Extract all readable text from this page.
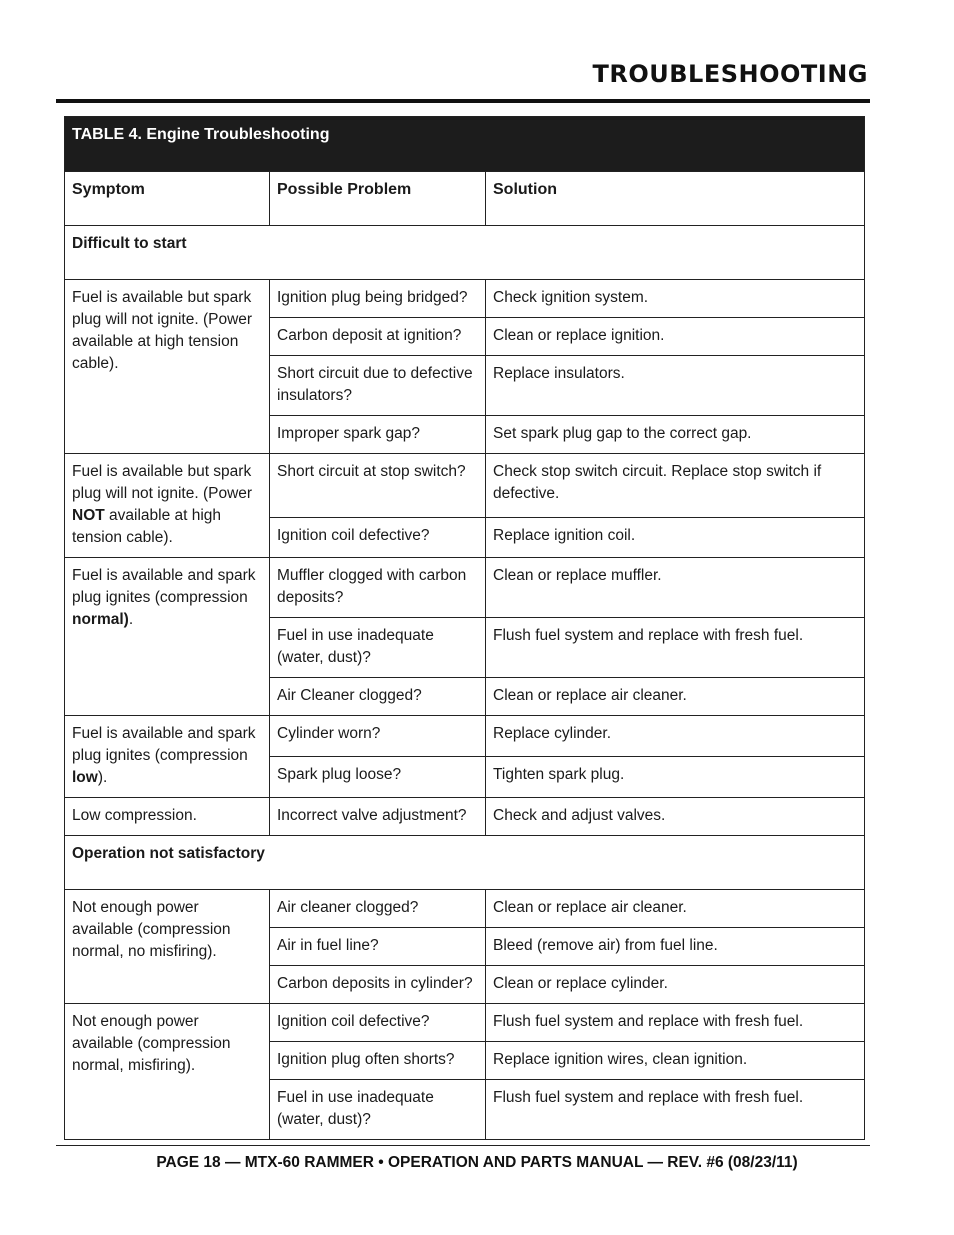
TROUBLESHOOTING
TABLE 4. Engine Troubleshooting		
Symptom	Possible Problem	Solution
Difficult to start		
Fuel is available but spark plug will not ignite. (Power available at high tension cable).	Ignition plug being bridged?	Check ignition system.
	Carbon deposit at ignition?	Clean or replace ignition.
	Short circuit due to defective insulators?	Replace insulators.
	Improper spark gap?	Set spark plug gap to the correct gap.
Fuel is available but spark plug will not ignite. (Power NOT available at high tension cable).	Short circuit at stop switch?	Check stop switch circuit. Replace stop switch if defective.
	Ignition coil defective?	Replace ignition coil.
Fuel is available and spark plug ignites (compression normal).	Muffler clogged with carbon deposits?	Clean or replace muffler.
	Fuel in use inadequate (water, dust)?	Flush fuel system and replace with fresh fuel.
	Air Cleaner clogged?	Clean or replace air cleaner.
Fuel is available and spark plug ignites (compression low).	Cylinder worn?	Replace cylinder.
	Spark plug loose?	Tighten spark plug.
Low compression.	Incorrect valve adjustment?	Check and adjust valves.
Operation not satisfactory		
Not enough power available (compression normal, no misfiring).	Air cleaner clogged?	Clean or replace air cleaner.
	Air in fuel line?	Bleed (remove air) from fuel line.
	Carbon deposits in cylinder?	Clean or replace cylinder.
Not enough power available (compression normal, misfiring).	Ignition coil defective?	Flush fuel system and replace with fresh fuel.
	Ignition plug often shorts?	Replace ignition wires, clean ignition.
	Fuel in use inadequate (water, dust)?	Flush fuel system and replace with fresh fuel.

PAGE 18 — MTX-60 RAMMER • OPERATION AND PARTS MANUAL — REV. #6 (08/23/11)
